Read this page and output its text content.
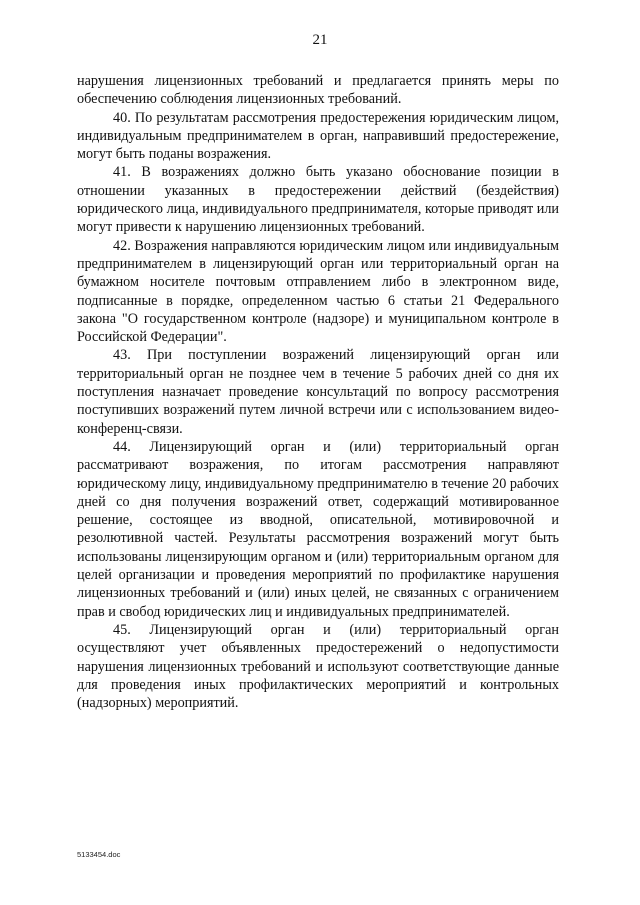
21

нарушения лицензионных требований и предлагается принять меры по обеспечению соблюдения лицензионных требований.

40. По результатам рассмотрения предостережения юридическим лицом, индивидуальным предпринимателем в орган, направивший предостережение, могут быть поданы возражения.

41. В возражениях должно быть указано обоснование позиции в отношении указанных в предостережении действий (бездействия) юридического лица, индивидуального предпринимателя, которые приводят или могут привести к нарушению лицензионных требований.

42. Возражения направляются юридическим лицом или индивидуальным предпринимателем в лицензирующий орган или территориальный орган на бумажном носителе почтовым отправлением либо в электронном виде, подписанные в порядке, определенном частью 6 статьи 21 Федерального закона "О государственном контроле (надзоре) и муниципальном контроле в Российской Федерации".

43. При поступлении возражений лицензирующий орган или территориальный орган не позднее чем в течение 5 рабочих дней со дня их поступления назначает проведение консультаций по вопросу рассмотрения поступивших возражений путем личной встречи или с использованием видео-конференц-связи.

44. Лицензирующий орган и (или) территориальный орган рассматривают возражения, по итогам рассмотрения направляют юридическому лицу, индивидуальному предпринимателю в течение 20 рабочих дней со дня получения возражений ответ, содержащий мотивированное решение, состоящее из вводной, описательной, мотивировочной и резолютивной частей. Результаты рассмотрения возражений могут быть использованы лицензирующим органом и (или) территориальным органом для целей организации и проведения мероприятий по профилактике нарушения лицензионных требований и (или) иных целей, не связанных с ограничением прав и свобод юридических лиц и индивидуальных предпринимателей.

45. Лицензирующий орган и (или) территориальный орган осуществляют учет объявленных предостережений о недопустимости нарушения лицензионных требований и используют соответствующие данные для проведения иных профилактических мероприятий и контрольных (надзорных) мероприятий.

5133454.doc
